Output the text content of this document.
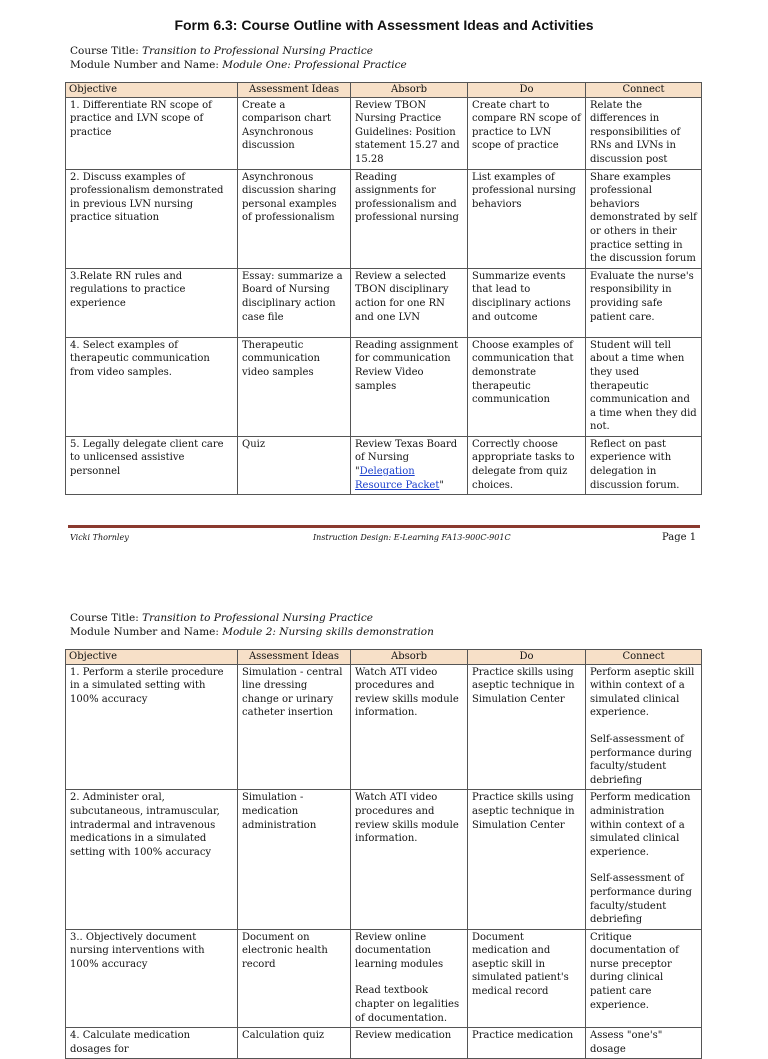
Form 6.3: Course Outline with Assessment Ideas and Activities
Course Title: Transition to Professional Nursing Practice
Module Number and Name: Module One: Professional Practice
Objective	Assessment Ideas	Absorb	Do	Connect
1. Differentiate RN scope of practice and LVN scope of practice	Create a comparison chart Asynchronous discussion	Review TBON Nursing Practice Guidelines: Position statement 15.27 and 15.28	Create chart to compare RN scope of practice to LVN scope of practice	Relate the differences in responsibilities of RNs and LVNs in discussion post
2. Discuss examples of professionalism demonstrated in previous LVN nursing practice situation	Asynchronous discussion sharing personal examples of professionalism	Reading assignments for professionalism and professional nursing	List examples of professional nursing behaviors	Share examples professional behaviors demonstrated by self or others in their practice setting in the discussion forum
3.Relate RN rules and regulations to practice experience	Essay: summarize a Board of Nursing disciplinary action case file	Review a selected TBON disciplinary action for one RN and one LVN	Summarize events that lead to disciplinary actions and outcome	Evaluate the nurse's responsibility in providing safe patient care.
4. Select examples of therapeutic communication from video samples.	Therapeutic communication video samples	Reading assignment for communication Review Video samples	Choose examples of communication that demonstrate therapeutic communication	Student will tell about a time when they used therapeutic communication and a time when they did not.
5. Legally delegate client care to unlicensed assistive personnel	Quiz	Review Texas Board of Nursing "Delegation Resource Packet"	Correctly choose appropriate tasks to delegate from quiz choices.	Reflect on past experience with delegation in discussion forum.
Vicki Thornley	Instruction Design: E-Learning FA13-900C-901C	Page 1
Course Title: Transition to Professional Nursing Practice
Module Number and Name: Module 2: Nursing skills demonstration
Objective	Assessment Ideas	Absorb	Do	Connect
1. Perform a sterile procedure in a simulated setting with 100% accuracy	Simulation - central line dressing change or urinary catheter insertion	Watch ATI video procedures and review skills module information.	Practice skills using aseptic technique in Simulation Center	Perform aseptic skill within context of a simulated clinical experience.
Self-assessment of performance during faculty/student debriefing
2. Administer oral, subcutaneous, intramuscular, intradermal and intravenous medications in a simulated setting with 100% accuracy	Simulation - medication administration	Watch ATI video procedures and review skills module information.	Practice skills using aseptic technique in Simulation Center	Perform medication administration within context of a simulated clinical experience.
Self-assessment of performance during faculty/student debriefing
3.. Objectively document nursing interventions with 100% accuracy	Document on electronic health record	Review online documentation learning modules
Read textbook chapter on legalities of documentation.	Document medication and aseptic skill in simulated patient's medical record	Critique documentation of nurse preceptor during clinical patient care experience.
4. Calculate medication dosages for	Calculation quiz	Review medication	Practice medication	Assess "one's" dosage
